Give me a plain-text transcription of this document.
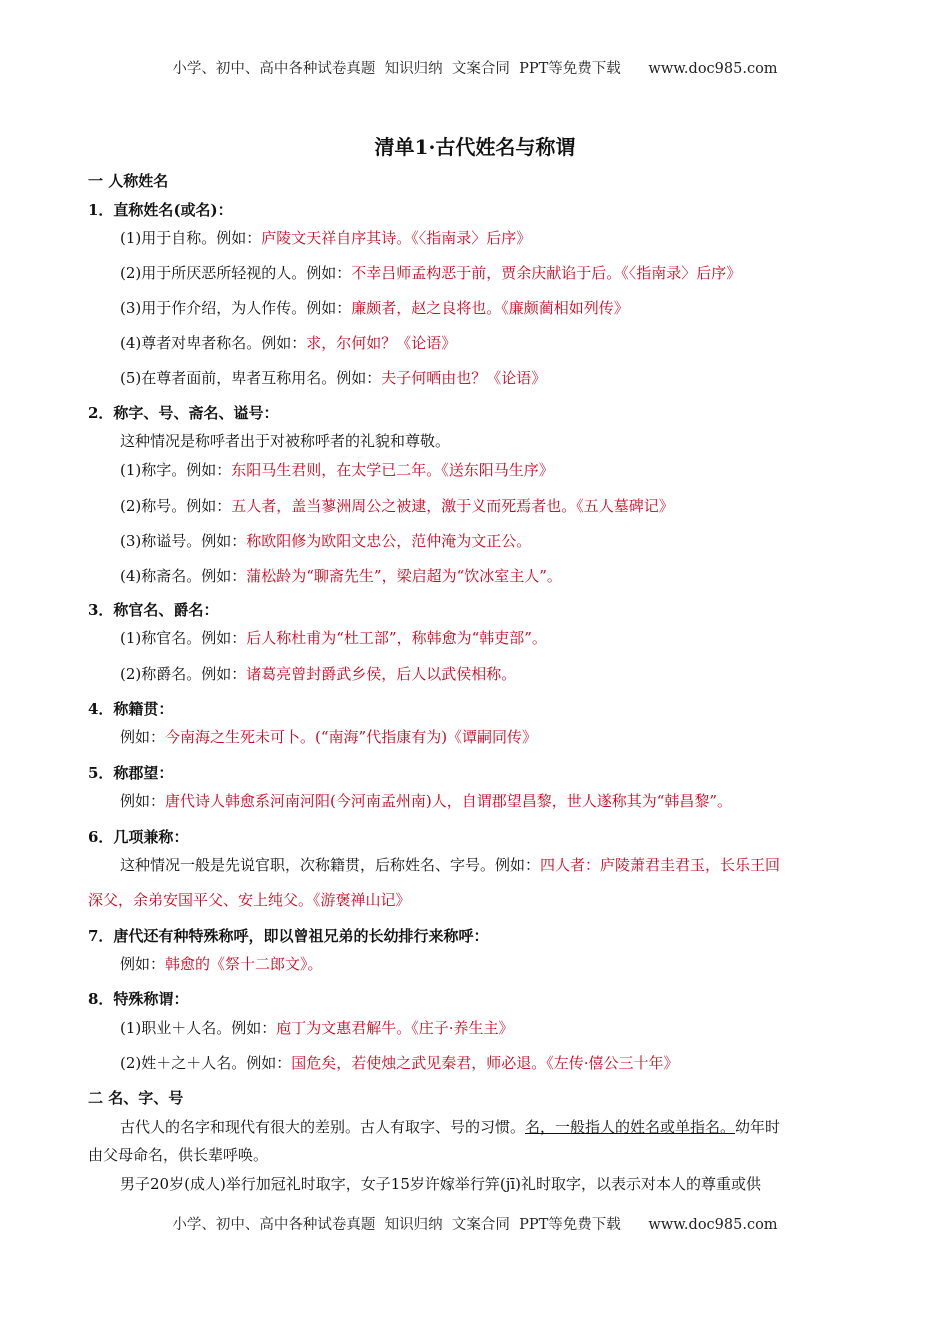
小学、初中、高中各种试卷真题  知识归纳  文案合同  PPT等免费下载      www.doc985.com
清单1·古代姓名与称谓
一 人称姓名
1．直称姓名(或名)：
(1)用于自称。例如：庐陵文天祥自序其诗。《〈指南录〉后序》
(2)用于所厌恶所轻视的人。例如：不幸吕师孟构恶于前，贾余庆献谄于后。《〈指南录〉后序》
(3)用于作介绍，为人作传。例如：廉颇者，赵之良将也。《廉颇蔺相如列传》
(4)尊者对卑者称名。例如：求，尔何如？《论语》
(5)在尊者面前，卑者互称用名。例如：夫子何哂由也？《论语》
2．称字、号、斋名、谥号：
这种情况是称呼者出于对被称呼者的礼貌和尊敬。
(1)称字。例如：东阳马生君则，在太学已二年。《送东阳马生序》
(2)称号。例如：五人者，盖当蓼洲周公之被逮，激于义而死焉者也。《五人墓碑记》
(3)称谥号。例如：称欧阳修为欧阳文忠公，范仲淹为文正公。
(4)称斋名。例如：蒲松龄为“聊斋先生”，梁启超为“饮冰室主人”。
3．称官名、爵名：
(1)称官名。例如：后人称杜甫为“杜工部”，称韩愈为“韩吏部”。
(2)称爵名。例如：诸葛亮曾封爵武乡侯，后人以武侯相称。
4．称籍贯：
例如：今南海之生死未可卜。(“南海”代指康有为)《谭嗣同传》
5．称郡望：
例如：唐代诗人韩愈系河南河阳(今河南孟州南)人，自谓郡望昌黎，世人遂称其为“韩昌黎”。
6．几项兼称：
这种情况一般是先说官职，次称籍贯，后称姓名、字号。例如：四人者：庐陵萧君圭君玉，长乐王回
深父，余弟安国平父、安上纯父。《游褒禅山记》
7．唐代还有种特殊称呼，即以曾祖兄弟的长幼排行来称呼：
例如：韩愈的《祭十二郎文》。
8．特殊称谓：
(1)职业＋人名。例如：庖丁为文惠君解牛。《庄子·养生主》
(2)姓＋之＋人名。例如：国危矣，若使烛之武见秦君，师必退。《左传·僖公三十年》
二 名、字、号
古代人的名字和现代有很大的差别。古人有取字、号的习惯。名，一般指人的姓名或单指名。幼年时
由父母命名，供长辈呼唤。
男子20岁(成人)举行加冠礼时取字，女子15岁许嫁举行笄(jī)礼时取字，以表示对本人的尊重或供
小学、初中、高中各种试卷真题  知识归纳  文案合同  PPT等免费下载      www.doc985.com
